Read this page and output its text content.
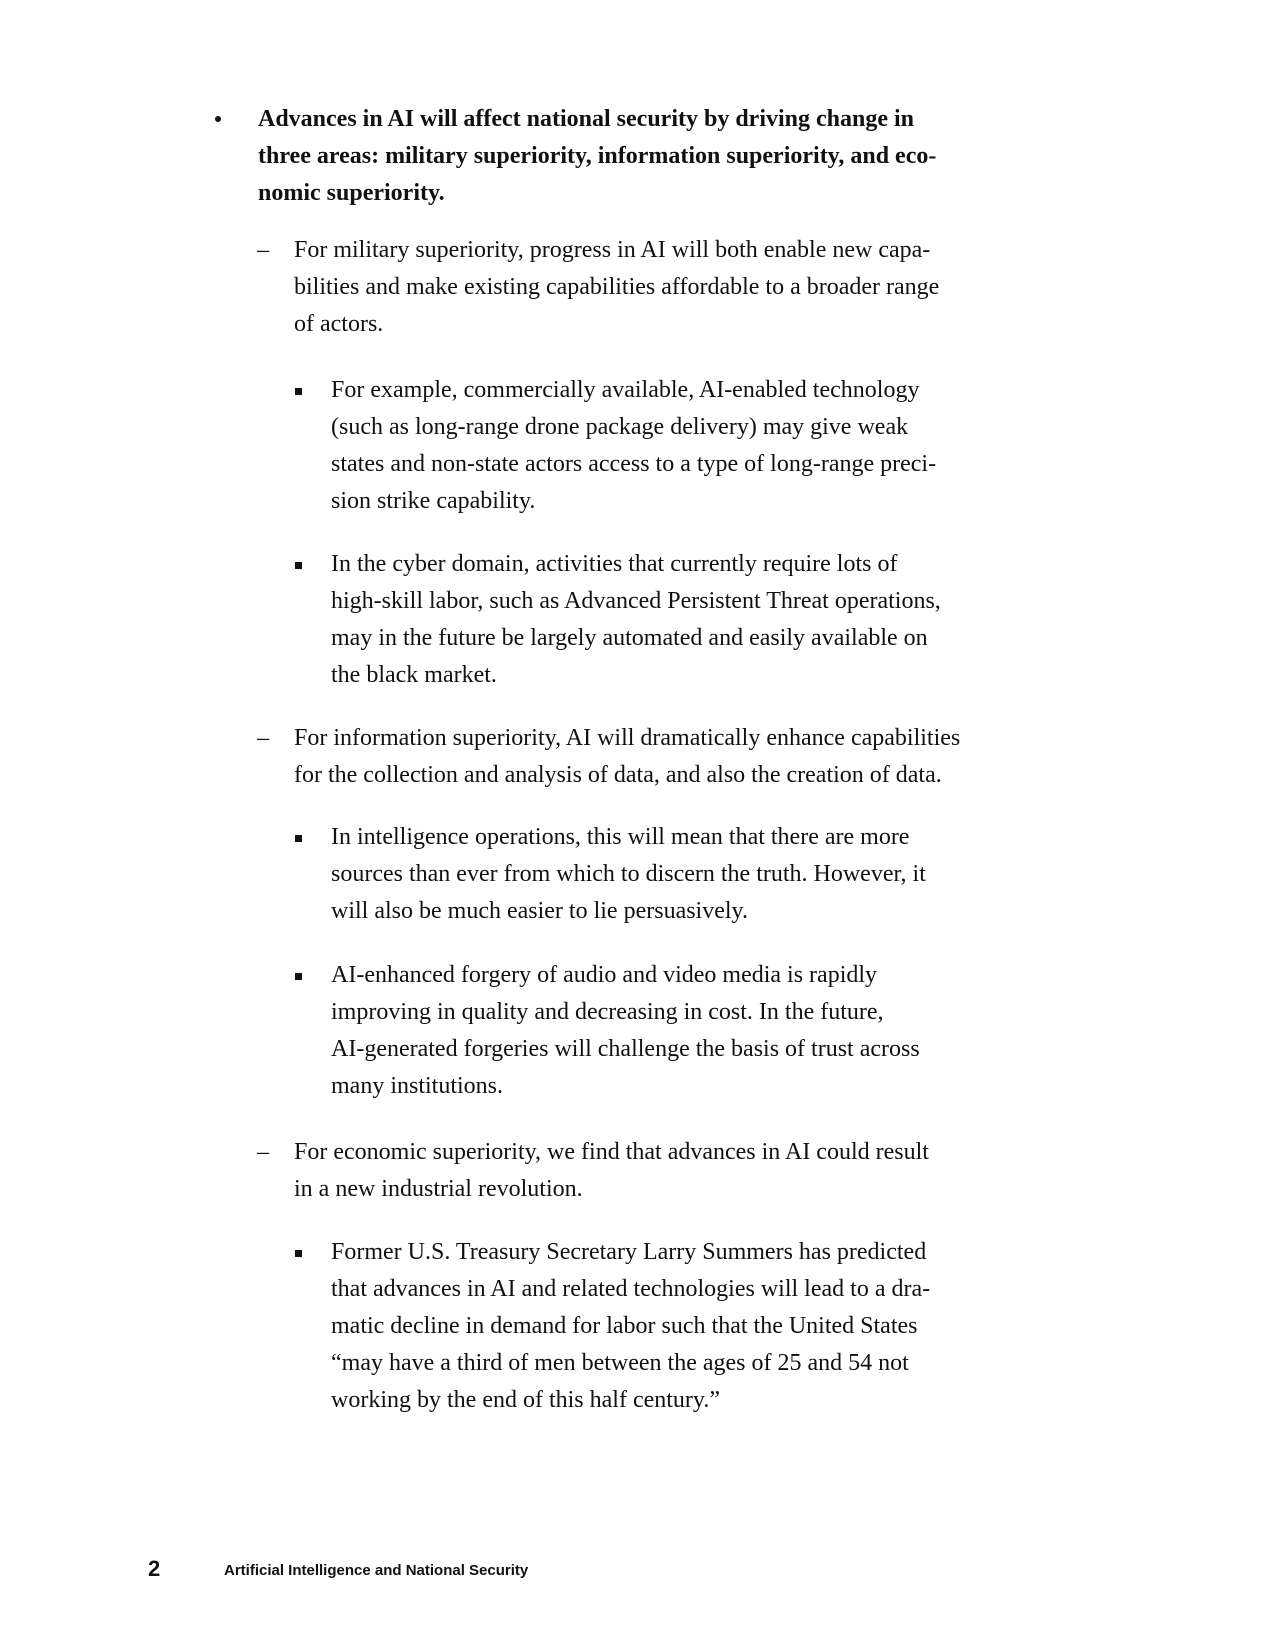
Advances in AI will affect national security by driving change in
three areas: military superiority, information superiority, and eco-
nomic superiority.
– For military superiority, progress in AI will both enable new capa-
bilities and make existing capabilities affordable to a broader range
of actors.
For example, commercially available, AI-enabled technology
(such as long-range drone package delivery) may give weak
states and non-state actors access to a type of long-range preci-
sion strike capability.
In the cyber domain, activities that currently require lots of
high-skill labor, such as Advanced Persistent Threat operations,
may in the future be largely automated and easily available on
the black market.
– For information superiority, AI will dramatically enhance capabilities
for the collection and analysis of data, and also the creation of data.
In intelligence operations, this will mean that there are more
sources than ever from which to discern the truth. However, it
will also be much easier to lie persuasively.
AI-enhanced forgery of audio and video media is rapidly
improving in quality and decreasing in cost. In the future,
AI-generated forgeries will challenge the basis of trust across
many institutions.
– For economic superiority, we find that advances in AI could result
in a new industrial revolution.
Former U.S. Treasury Secretary Larry Summers has predicted
that advances in AI and related technologies will lead to a dra-
matic decline in demand for labor such that the United States
“may have a third of men between the ages of 25 and 54 not
working by the end of this half century.”
2	Artificial Intelligence and National Security
